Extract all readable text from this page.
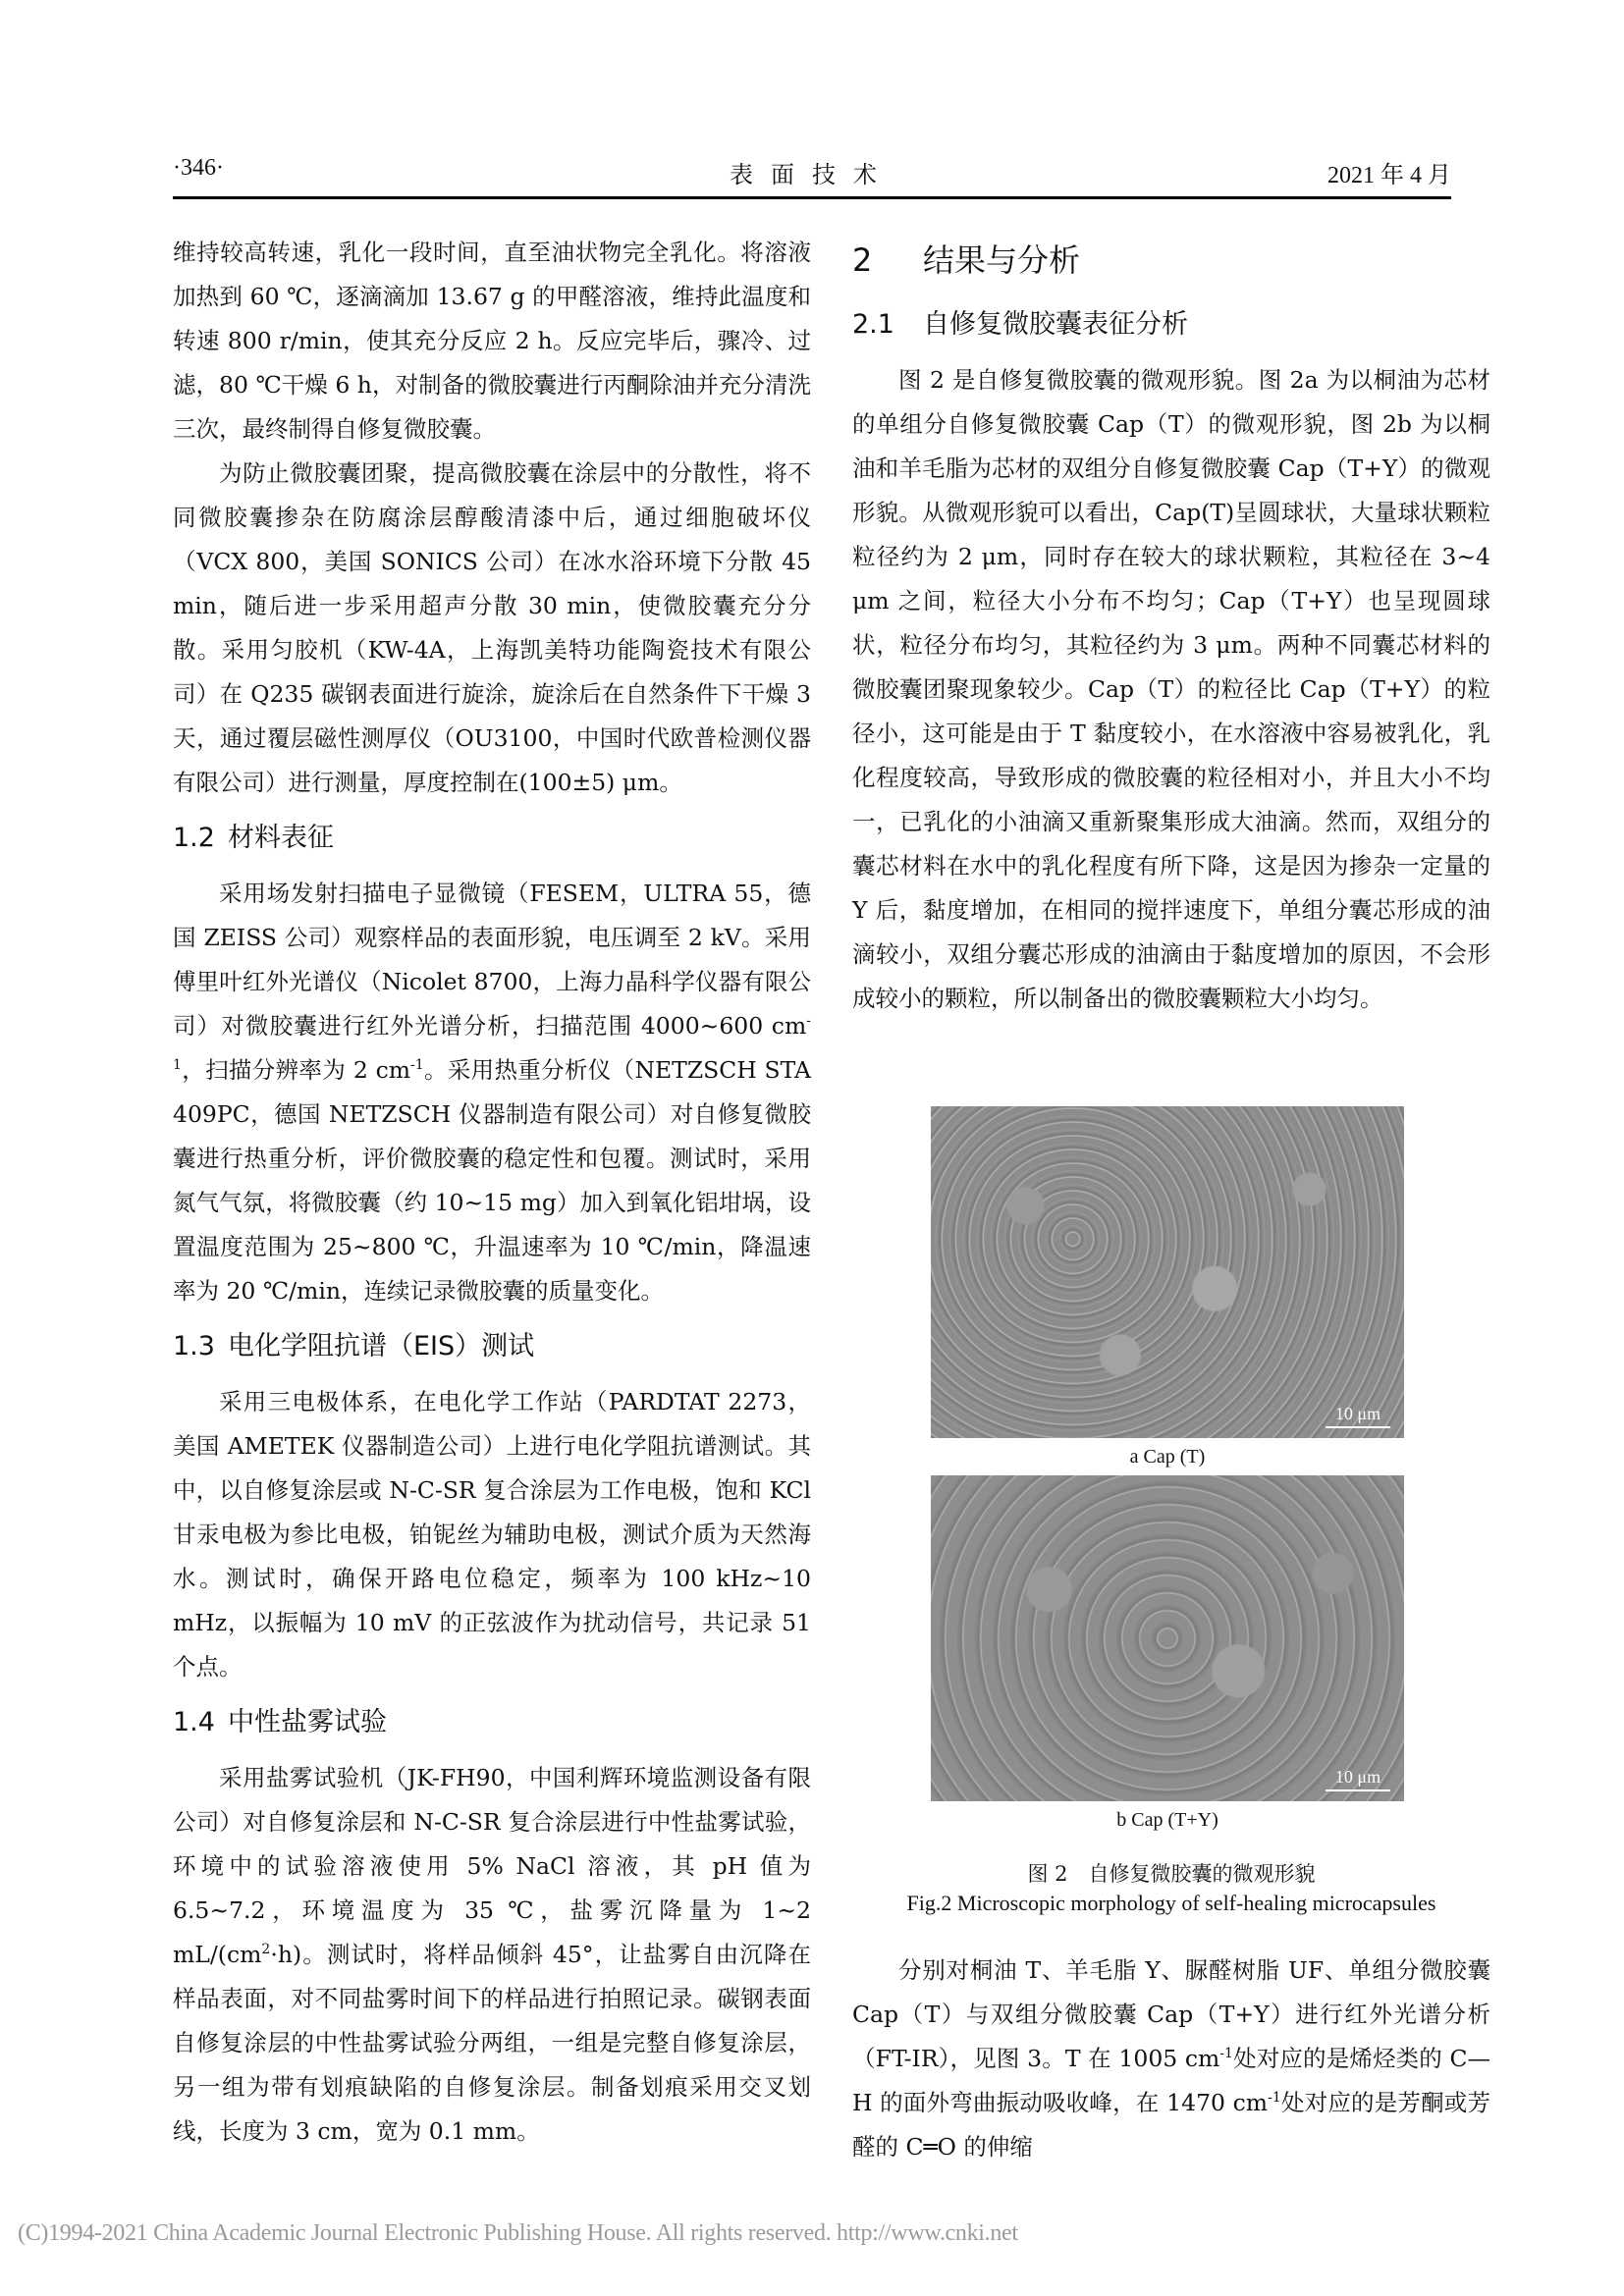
·346·	表面技术	2021 年 4 月

维持较高转速，乳化一段时间，直至油状物完全乳化。将溶液加热到 60 ℃，逐滴滴加 13.67 g 的甲醛溶液，维持此温度和转速 800 r/min，使其充分反应 2 h。反应完毕后，骤冷、过滤，80 ℃干燥 6 h，对制备的微胶囊进行丙酮除油并充分清洗三次，最终制得自修复微胶囊。

为防止微胶囊团聚，提高微胶囊在涂层中的分散性，将不同微胶囊掺杂在防腐涂层醇酸清漆中后，通过细胞破坏仪（VCX 800，美国 SONICS 公司）在冰水浴环境下分散 45 min，随后进一步采用超声分散 30 min，使微胶囊充分分散。采用匀胶机（KW-4A，上海凯美特功能陶瓷技术有限公司）在 Q235 碳钢表面进行旋涂，旋涂后在自然条件下干燥 3 天，通过覆层磁性测厚仪（OU3100，中国时代欧普检测仪器有限公司）进行测量，厚度控制在(100±5) μm。

1.2 材料表征

采用场发射扫描电子显微镜（FESEM，ULTRA 55，德国 ZEISS 公司）观察样品的表面形貌，电压调至 2 kV。采用傅里叶红外光谱仪（Nicolet 8700，上海力晶科学仪器有限公司）对微胶囊进行红外光谱分析，扫描范围 4000~600 $cm^{-1}$，扫描分辨率为 2 $cm^{-1}$。采用热重分析仪（NETZSCH STA 409PC，德国 NETZSCH 仪器制造有限公司）对自修复微胶囊进行热重分析，评价微胶囊的稳定性和包覆。测试时，采用氮气气氛，将微胶囊（约 10~15 mg）加入到氧化铝坩埚，设置温度范围为 25~800 ℃，升温速率为 10 ℃/min，降温速率为 20 ℃/min，连续记录微胶囊的质量变化。

1.3 电化学阻抗谱（EIS）测试

采用三电极体系，在电化学工作站（PARDTAT 2273，美国 AMETEK 仪器制造公司）上进行电化学阻抗谱测试。其中，以自修复涂层或 N-C-SR 复合涂层为工作电极，饱和 KCl 甘汞电极为参比电极，铂铌丝为辅助电极，测试介质为天然海水。测试时，确保开路电位稳定，频率为 100 kHz~10 mHz，以振幅为 10 mV 的正弦波作为扰动信号，共记录 51 个点。

1.4 中性盐雾试验

采用盐雾试验机（JK-FH90，中国利辉环境监测设备有限公司）对自修复涂层和 N-C-SR 复合涂层进行中性盐雾试验，环境中的试验溶液使用 5% NaCl 溶液，其 pH 值为 6.5~7.2，环境温度为 35 ℃，盐雾沉降量为 1~2 $mL/(cm^2\cdot h)$。测试时，将样品倾斜 45°，让盐雾自由沉降在样品表面，对不同盐雾时间下的样品进行拍照记录。碳钢表面自修复涂层的中性盐雾试验分两组，一组是完整自修复涂层，另一组为带有划痕缺陷的自修复涂层。制备划痕采用交叉划线，长度为 3 cm，宽为 0.1 mm。

2 结果与分析
2.1 自修复微胶囊表征分析

图 2 是自修复微胶囊的微观形貌。图 2a 为以桐油为芯材的单组分自修复微胶囊 Cap（T）的微观形貌，图 2b 为以桐油和羊毛脂为芯材的双组分自修复微胶囊 Cap（T+Y）的微观形貌。从微观形貌可以看出，Cap(T)呈圆球状，大量球状颗粒粒径约为 2 μm，同时存在较大的球状颗粒，其粒径在 3~4 μm 之间，粒径大小分布不均匀；Cap（T+Y）也呈现圆球状，粒径分布均匀，其粒径约为 3 μm。两种不同囊芯材料的微胶囊团聚现象较少。Cap（T）的粒径比 Cap（T+Y）的粒径小，这可能是由于 T 黏度较小，在水溶液中容易被乳化，乳化程度较高，导致形成的微胶囊的粒径相对小，并且大小不均一，已乳化的小油滴又重新聚集形成大油滴。然而，双组分的囊芯材料在水中的乳化程度有所下降，这是因为掺杂一定量的 Y 后，黏度增加，在相同的搅拌速度下，单组分囊芯形成的油滴较小，双组分囊芯形成的油滴由于黏度增加的原因，不会形成较小的颗粒，所以制备出的微胶囊颗粒大小均匀。

10 μm
a Cap (T)
10 μm
b Cap (T+Y)
图 2　自修复微胶囊的微观形貌
Fig.2 Microscopic morphology of self-healing microcapsules

分别对桐油 T、羊毛脂 Y、脲醛树脂 UF、单组分微胶囊 Cap（T）与双组分微胶囊 Cap（T+Y）进行红外光谱分析（FT-IR），见图 3。T 在 1005 $cm^{-1}$处对应的是烯烃类的 C—H 的面外弯曲振动吸收峰，在 1470 $cm^{-1}$处对应的是芳酮或芳醛的 C═O 的伸缩

(C)1994-2021 China Academic Journal Electronic Publishing House. All rights reserved. http://www.cnki.net
